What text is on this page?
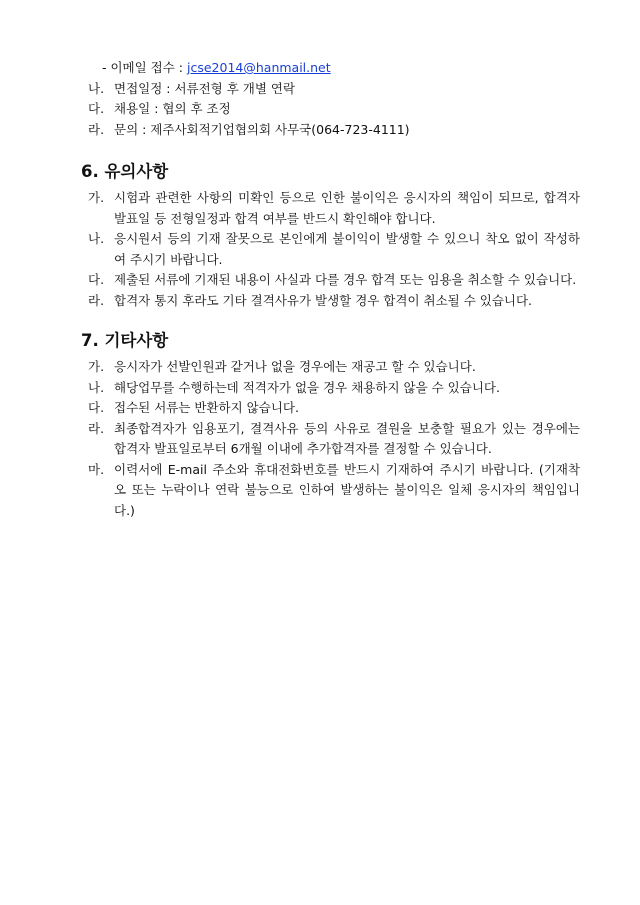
- 이메일 접수 : jcse2014@hanmail.net
나. 면접일정 : 서류전형 후 개별 연락
다. 채용일 : 협의 후 조정
라. 문의 : 제주사회적기업협의회 사무국(064-723-4111)
6. 유의사항
가. 시험과 관련한 사항의 미확인 등으로 인한 불이익은 응시자의 책임이 되므로, 합격자 발표일 등 전형일정과 합격 여부를 반드시 확인해야 합니다.
나. 응시원서 등의 기재 잘못으로 본인에게 불이익이 발생할 수 있으니 착오 없이 작성하여 주시기 바랍니다.
다. 제출된 서류에 기재된 내용이 사실과 다를 경우 합격 또는 임용을 취소할 수 있습니다.
라. 합격자 통지 후라도 기타 결격사유가 발생할 경우 합격이 취소될 수 있습니다.
7. 기타사항
가. 응시자가 선발인원과 같거나 없을 경우에는 재공고 할 수 있습니다.
나. 해당업무를 수행하는데 적격자가 없을 경우 채용하지 않을 수 있습니다.
다. 접수된 서류는 반환하지 않습니다.
라. 최종합격자가 임용포기, 결격사유 등의 사유로 결원을 보충할 필요가 있는 경우에는 합격자 발표일로부터 6개월 이내에 추가합격자를 결정할 수 있습니다.
마. 이력서에 E-mail 주소와 휴대전화번호를 반드시 기재하여 주시기 바랍니다. (기재착오 또는 누락이나 연락 불능으로 인하여 발생하는 불이익은 일체 응시자의 책임입니다.)
